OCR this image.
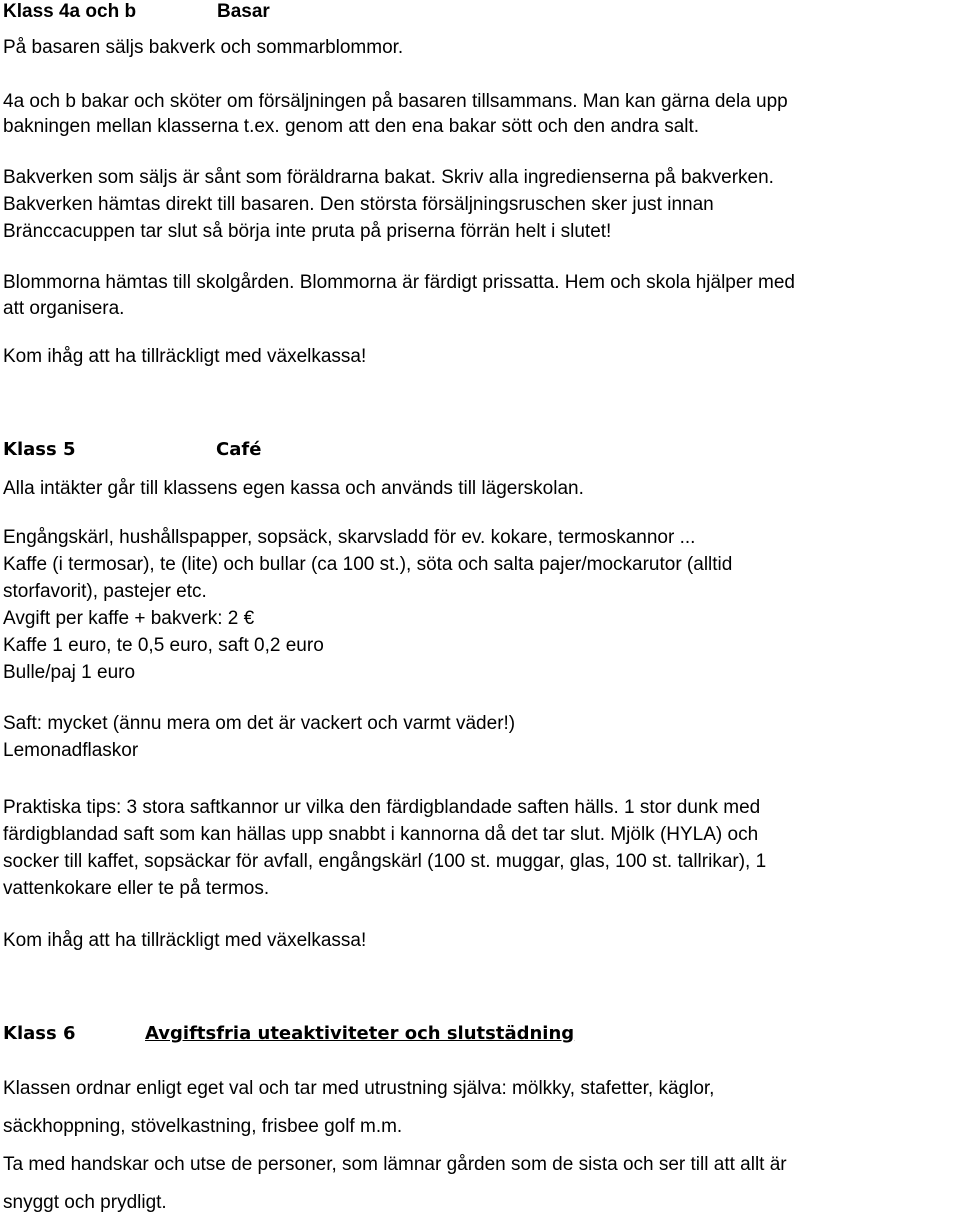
Klass 4a och b	Basar
På basaren säljs bakverk och sommarblommor.
4a och b bakar och sköter om försäljningen på basaren tillsammans. Man kan gärna dela upp
bakningen mellan klasserna t.ex. genom att den ena bakar sött och den andra salt.
Bakverken som säljs är sånt som föräldrarna bakat. Skriv alla ingredienserna på bakverken.
Bakverken hämtas direkt till basaren. Den största försäljningsruschen sker just innan
Bränccacuppen tar slut så börja inte pruta på priserna förrän helt i slutet!
Blommorna hämtas till skolgården. Blommorna är färdigt prissatta. Hem och skola hjälper med
att organisera.
Kom ihåg att ha tillräckligt med växelkassa!
Klass 5	Café
Alla intäkter går till klassens egen kassa och används till lägerskolan.
Engångskärl, hushållspapper, sopsäck, skarvsladd för ev. kokare, termoskannor ...
Kaffe (i termosar), te (lite) och bullar (ca 100 st.), söta och salta pajer/mockarutor (alltid
storfavorit), pastejer etc.
Avgift per kaffe + bakverk: 2 €
Kaffe 1 euro, te 0,5 euro, saft 0,2 euro
Bulle/paj 1 euro
Saft: mycket (ännu mera om det är vackert och varmt väder!)
Lemonadflaskor
Praktiska tips: 3 stora saftkannor ur vilka den färdigblandade saften hälls. 1 stor dunk med
färdigblandad saft som kan hällas upp snabbt i kannorna då det tar slut. Mjölk (HYLA) och
socker till kaffet, sopsäckar för avfall, engångskärl (100 st. muggar, glas, 100 st. tallrikar), 1
vattenkokare eller te på termos.
Kom ihåg att ha tillräckligt med växelkassa!
Klass 6	Avgiftsfria uteaktiviteter och slutstädning
Klassen ordnar enligt eget val och tar med utrustning själva: mölkky, stafetter, käglor,
säckhoppning, stövelkastning, frisbee golf m.m.
Ta med handskar och utse de personer, som lämnar gården som de sista och ser till att allt är
snyggt och prydligt.
